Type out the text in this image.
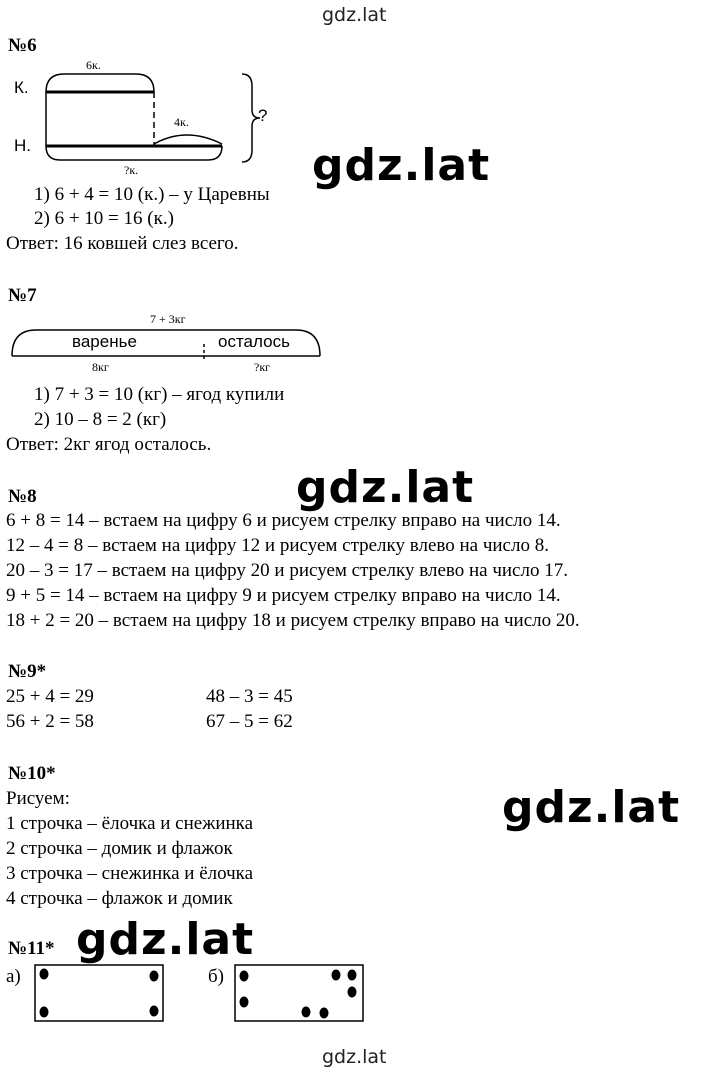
gdz.lat
gdz.lat
gdz.lat
gdz.lat
gdz.lat
gdz.lat
№6
К.
Н.
6к.
4к.
?к.
?
1) 6 + 4 = 10 (к.) – у Царевны
2) 6 + 10 = 16 (к.)
Ответ: 16 ковшей слез всего.
№7
7 + 3кг
варенье	осталось
8кг	?кг
1) 7 + 3 = 10 (кг) – ягод купили
2) 10 – 8 = 2 (кг)
Ответ: 2кг ягод осталось.
№8
6 + 8 = 14 – встаем на цифру 6 и рисуем стрелку вправо на число 14.
12 – 4 = 8 – встаем на цифру 12 и рисуем стрелку влево на число 8.
20 – 3 = 17 – встаем на цифру 20 и рисуем стрелку влево на число 17.
9 + 5 = 14 – встаем на цифру 9 и рисуем стрелку вправо на число 14.
18 + 2 = 20 – встаем на цифру 18 и рисуем стрелку вправо на число 20.
№9*
25 + 4 = 29
56 + 2 = 58
48 – 3 = 45
67 – 5 = 62
№10*
Рисуем:
1 строчка – ёлочка и снежинка
2 строчка – домик и флажок
3 строчка – снежинка и ёлочка
4 строчка – флажок и домик
№11*
а)	б)
